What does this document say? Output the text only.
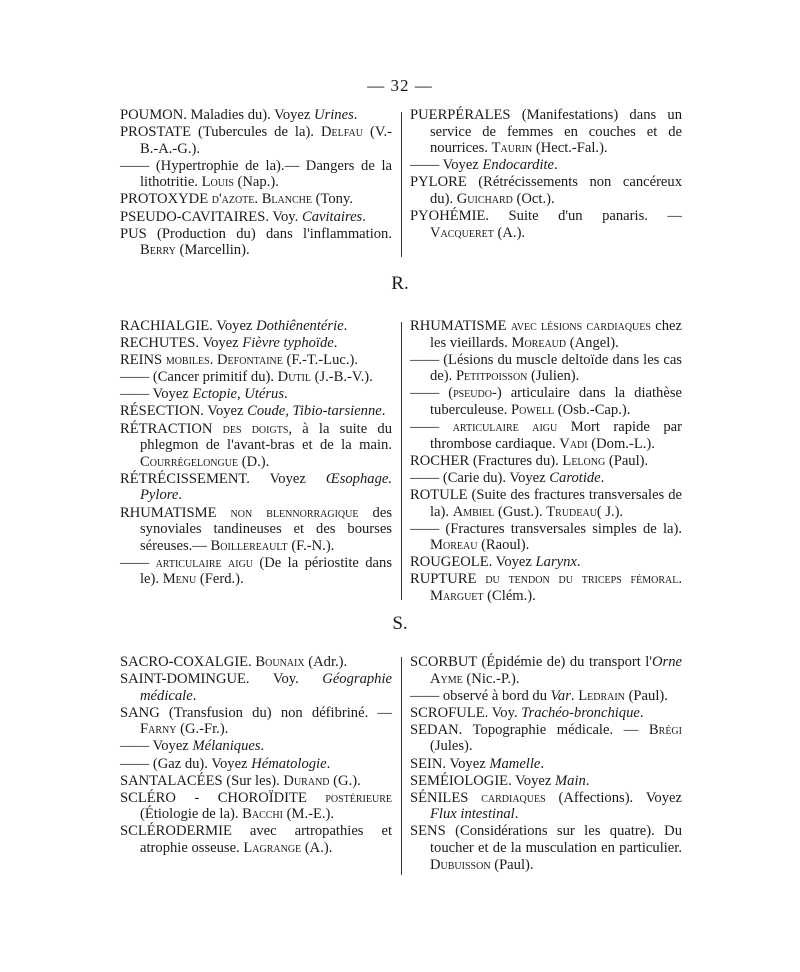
— 32 —
POUMON. Maladies du). Voyez Urines.
PROSTATE (Tubercules de la). Delfau (V.-B.-A.-G.).
—— (Hypertrophie de la).— Dangers de la lithotritie. Louis (Nap.).
PROTOXYDE d'azote. Blanche (Tony.
PSEUDO-CAVITAIRES. Voy. Cavitaires.
PUS (Production du) dans l'inflammation. Berry (Marcellin).
PUERPÉRALES (Manifestations) dans un service de femmes en couches et de nourrices. Taurin (Hect.-Fal.).
—— Voyez Endocardite.
PYLORE (Rétrécissements non cancéreux du). Guichard (Oct.).
PYOHÉMIE. Suite d'un panaris. — Vacqueret (A.).
R.
RACHIALGIE. Voyez Dothiênentérie.
RECHUTES. Voyez Fièvre typhoïde.
REINS mobiles. Defontaine (F.-T.-Luc.).
—— (Cancer primitif du). Dutil (J.-B.-V.).
—— Voyez Ectopie, Utérus.
RÉSECTION. Voyez Coude, Tibio-tarsienne.
RÉTRACTION des doigts, à la suite du phlegmon de l'avant-bras et de la main. Courrégelongue (D.).
RÉTRÉCISSEMENT. Voyez Œsophage. Pylore.
RHUMATISME non blennorragique des synoviales tandineuses et des bourses séreuses.— Boillereault (F.-N.).
—— articulaire aigu (De la périostite dans le). Menu (Ferd.).
RHUMATISME avec lésions cardiaques chez les vieillards. Moreaud (Angel).
—— (Lésions du muscle deltoïde dans les cas de). Petitpoisson (Julien).
—— (pseudo-) articulaire dans la diathèse tuberculeuse. Powell (Osb.-Cap.).
—— articulaire aigu Mort rapide par thrombose cardiaque. Vadi (Dom.-L.).
ROCHER (Fractures du). Lelong (Paul).
—— (Carie du). Voyez Carotide.
ROTULE (Suite des fractures transversales de la). Ambiel (Gust.). Trudeau( J.).
—— (Fractures transversales simples de la). Moreau (Raoul).
ROUGEOLE. Voyez Larynx.
RUPTURE du tendon du triceps fémoral. Marguet (Clém.).
S.
SACRO-COXALGIE. Bounaix (Adr.).
SAINT-DOMINGUE. Voy. Géographie médicale.
SANG (Transfusion du) non défibriné. — Farny (G.-Fr.).
—— Voyez Mélaniques.
—— (Gaz du). Voyez Hématologie.
SANTALACÉES (Sur les). Durand (G.).
SCLÉRO - CHOROÏDITE postérieure (Étiologie de la). Bacchi (M.-E.).
SCLÉRODERMIE avec artropathies et atrophie osseuse. Lagrange (A.).
SCORBUT (Épidémie de) du transport l'Orne Ayme (Nic.-P.).
—— observé à bord du Var. Ledrain (Paul).
SCROFULE. Voy. Trachéo-bronchique.
SEDAN. Topographie médicale. — Brégi (Jules).
SEIN. Voyez Mamelle.
SEMÉIOLOGIE. Voyez Main.
SÉNILES cardiaques (Affections). Voyez Flux intestinal.
SENS (Considérations sur les quatre). Du toucher et de la musculation en particulier. Dubuisson (Paul).
